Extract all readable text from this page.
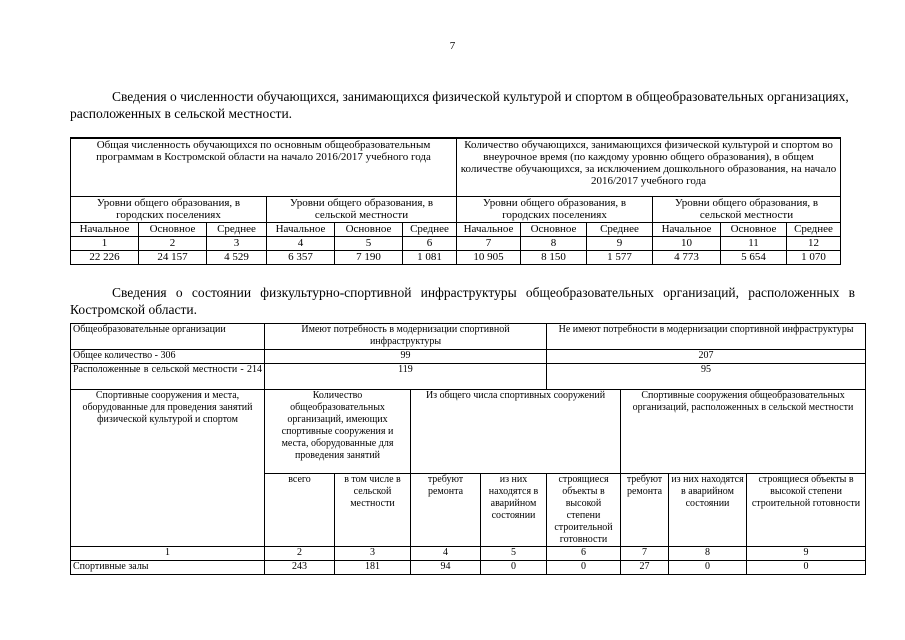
7
Сведения о численности обучающихся, занимающихся физической культурой и спортом в общеобразовательных организациях, расположенных в сельской местности.
Общая численность обучающихся по основным общеобразовательным программам в Костромской области на начало 2016/2017 учебного года						Количество обучающихся, занимающихся физической культурой и спортом во внеурочное время (по каждому уровню общего образования), в общем количестве обучающихся, за исключением дошкольного образования, на начало 2016/2017 учебного года					
Уровни общего образования, в городских поселениях			Уровни общего образования, в сельской местности			Уровни общего образования, в городских поселениях			Уровни общего образования, в сельской местности		
Начальное	Основное	Среднее	Начальное	Основное	Среднее	Начальное	Основное	Среднее	Начальное	Основное	Среднее
1	2	3	4	5	6	7	8	9	10	11	12
22 226	24 157	4 529	6 357	7 190	1 081	10 905	8 150	1 577	4 773	5 654	1 070
Сведения о состоянии физкультурно-спортивной инфраструктуры общеобразовательных организаций, расположенных в Костромской области.
Общеобразовательные организации	Имеют потребность в модернизации спортивной инфраструктуры				Не имеют потребности в модернизации спортивной инфраструктуры			
Общее количество - 306	99				207			
Расположенные в сельской местности - 214	119				95			
Спортивные сооружения и места, оборудованные для проведения занятий физической культурой и спортом	Количество общеобразовательных организаций, имеющих спортивные сооружения и места, оборудованные для проведения занятий		Из общего числа спортивных сооружений			Спортивные сооружения общеобразовательных организаций, расположенных в сельской местности		
	всего	в том числе в сельской местности	требуют ремонта	из них находятся в аварийном состоянии	строящиеся объекты в высокой степени строительной готовности	требуют ремонта	из них находятся в аварийном состоянии	строящиеся объекты в высокой степени строительной готовности
1	2	3	4	5	6	7	8	9
Спортивные залы	243	181	94	0	0	27	0	0
